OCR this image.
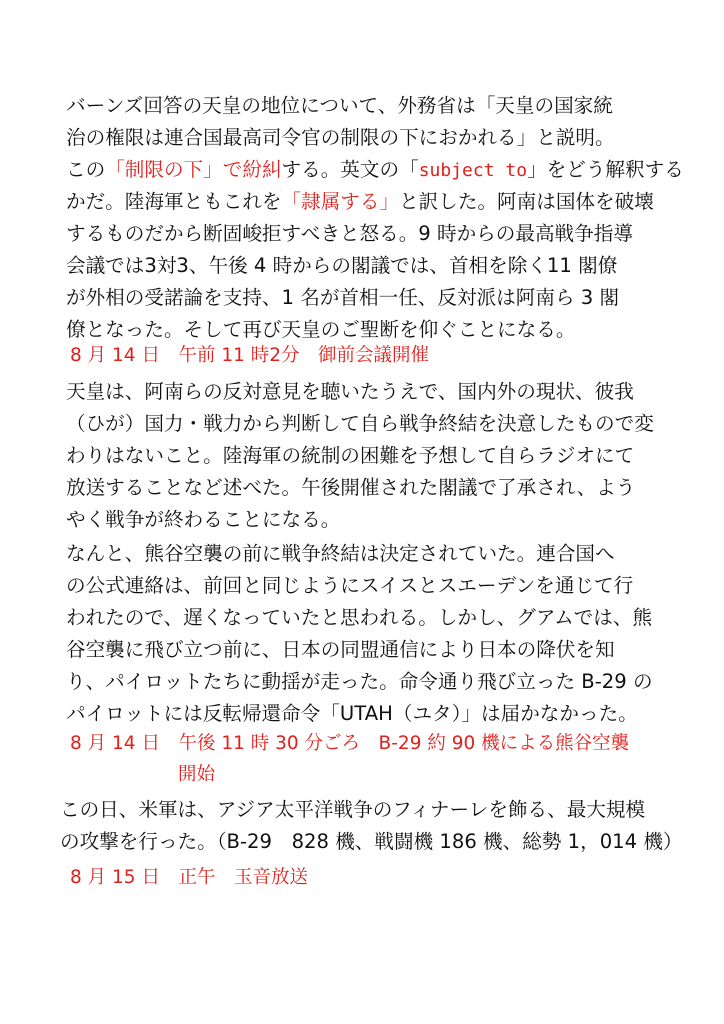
バーンズ回答の天皇の地位について、外務省は「天皇の国家統
治の権限は連合国最高司令官の制限の下におかれる」と説明。
この「制限の下」で紛糾する。英文の「subject to」をどう解釈する
かだ。陸海軍ともこれを「隷属する」と訳した。阿南は国体を破壊
するものだから断固峻拒すべきと怒る。9 時からの最高戦争指導
会議では3対3、午後 4 時からの閣議では、首相を除く11 閣僚
が外相の受諾論を支持、1 名が首相一任、反対派は阿南ら 3 閣
僚となった。そして再び天皇のご聖断を仰ぐことになる。
8 月 14 日　午前 11 時2分　御前会議開催
天皇は、阿南らの反対意見を聴いたうえで、国内外の現状、彼我
（ひが）国力・戦力から判断して自ら戦争終結を決意したもので変
わりはないこと。陸海軍の統制の困難を予想して自らラジオにて
放送することなど述べた。午後開催された閣議で了承され、よう
やく戦争が終わることになる。
なんと、熊谷空襲の前に戦争終結は決定されていた。連合国へ
の公式連絡は、前回と同じようにスイスとスエーデンを通じて行
われたので、遅くなっていたと思われる。しかし、グアムでは、熊
谷空襲に飛び立つ前に、日本の同盟通信により日本の降伏を知
り、パイロットたちに動揺が走った。命令通り飛び立った B-29 の
パイロットには反転帰還命令「UTAH（ユタ）」は届かなかった。
8 月 14 日　午後 11 時 30 分ごろ　B-29 約 90 機による熊谷空襲
開始
この日、米軍は、アジア太平洋戦争のフィナーレを飾る、最大規模
の攻撃を行った。（B-29　828 機、戦闘機 186 機、総勢 1，014 機）
8 月 15 日　正午　玉音放送
